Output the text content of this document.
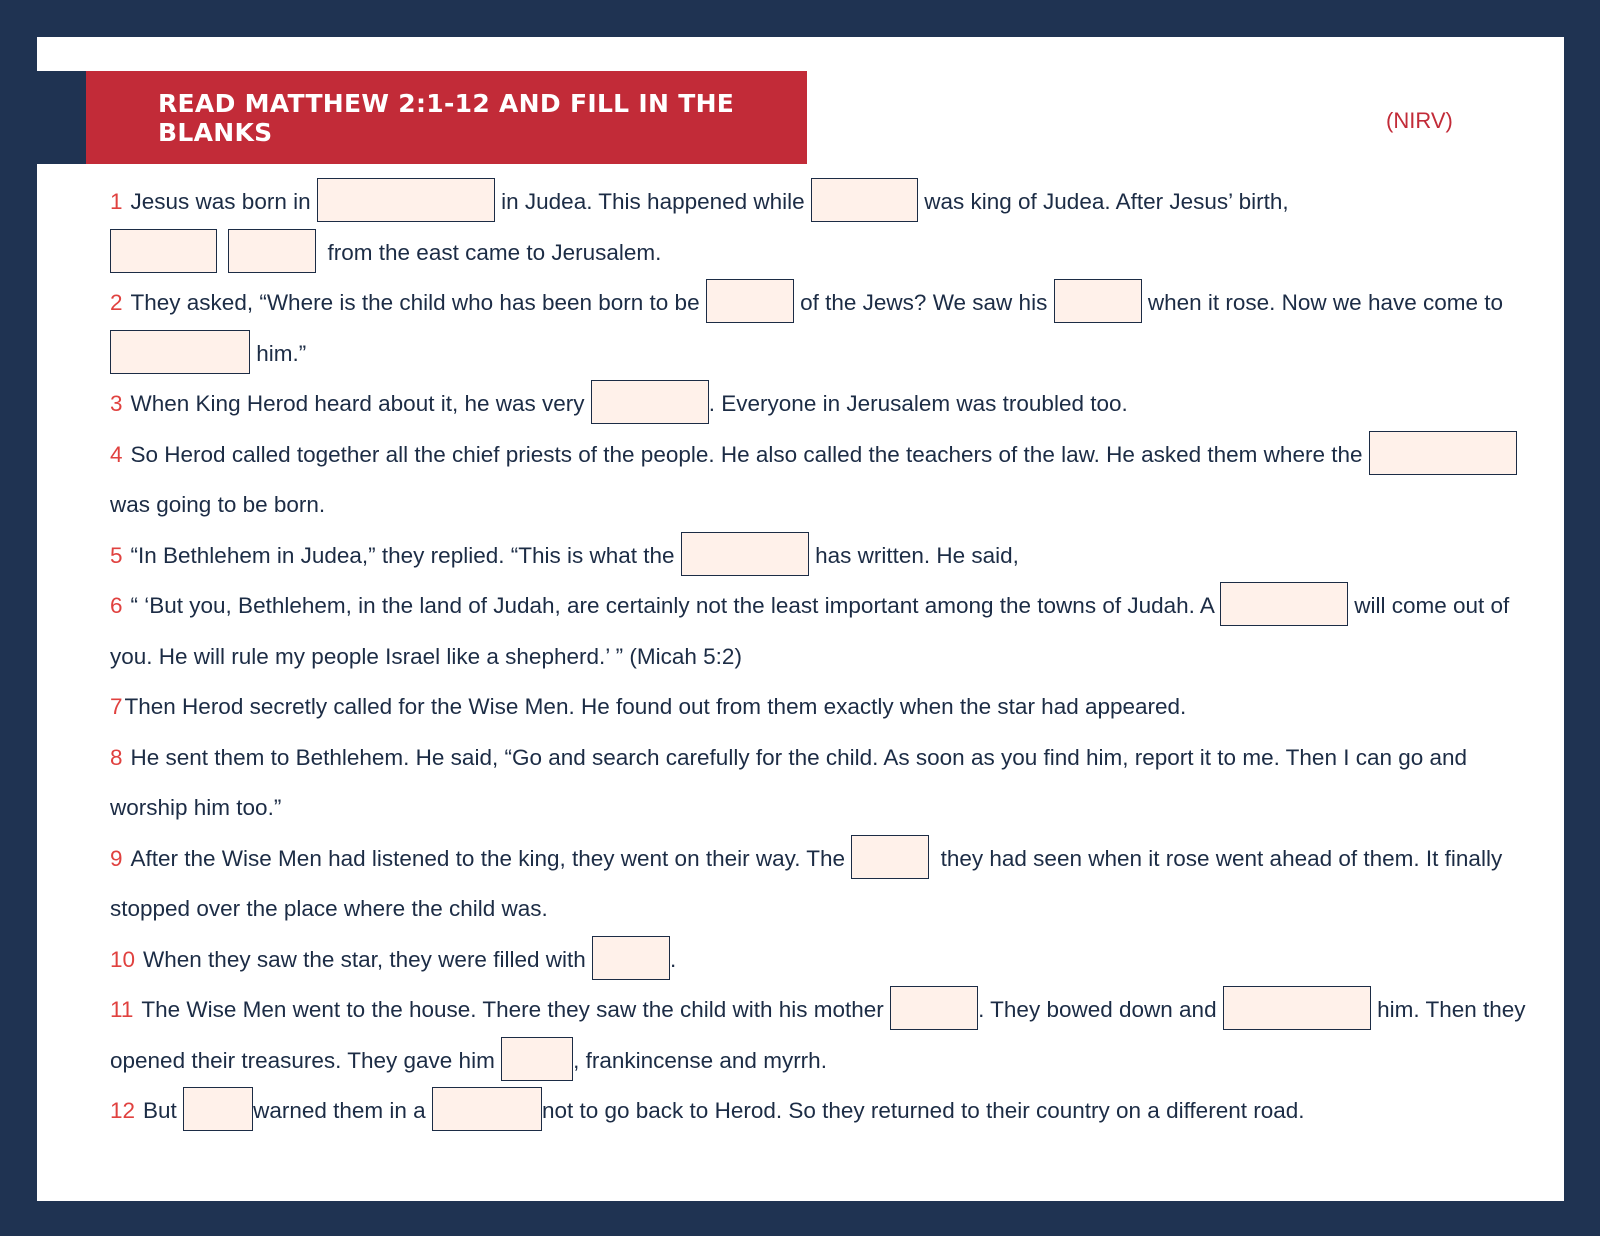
READ MATTHEW 2:1-12 AND FILL IN THE BLANKS	(NIRV)

1 Jesus was born in	in Judea. This happened while	was king of Judea. After Jesus’ birth,
from the east came to Jerusalem.

2 They asked, “Where is the child who has been born to be	of the Jews? We saw his	when it rose. Now we have come to  him.”

3 When King Herod heard about it, he was very	. Everyone in Jerusalem was troubled too.

4 So Herod called together all the chief priests of the people. He also called the teachers of the law. He asked them where the  was going to be born.

5 “In Bethlehem in Judea,” they replied. “This is what the	has written. He said,

6 “ ‘But you, Bethlehem, in the land of Judah, are certainly not the least important among the towns of Judah. A	will come out of you. He will rule my people Israel like a shepherd.’ ” (Micah 5:2)

7Then Herod secretly called for the Wise Men. He found out from them exactly when the star had appeared.

8 He sent them to Bethlehem. He said, “Go and search carefully for the child. As soon as you find him, report it to me. Then I can go and worship him too.”

9 After the Wise Men had listened to the king, they went on their way. The	they had seen when it rose went ahead of them. It finally stopped over the place where the child was.

10 When they saw the star, they were filled with	.

11 The Wise Men went to the house. There they saw the child with his mother	. They bowed down and	him. Then they opened their treasures. They gave him	, frankincense and myrrh.

12 But	warned them in a	not to go back to Herod. So they returned to their country on a different road.
